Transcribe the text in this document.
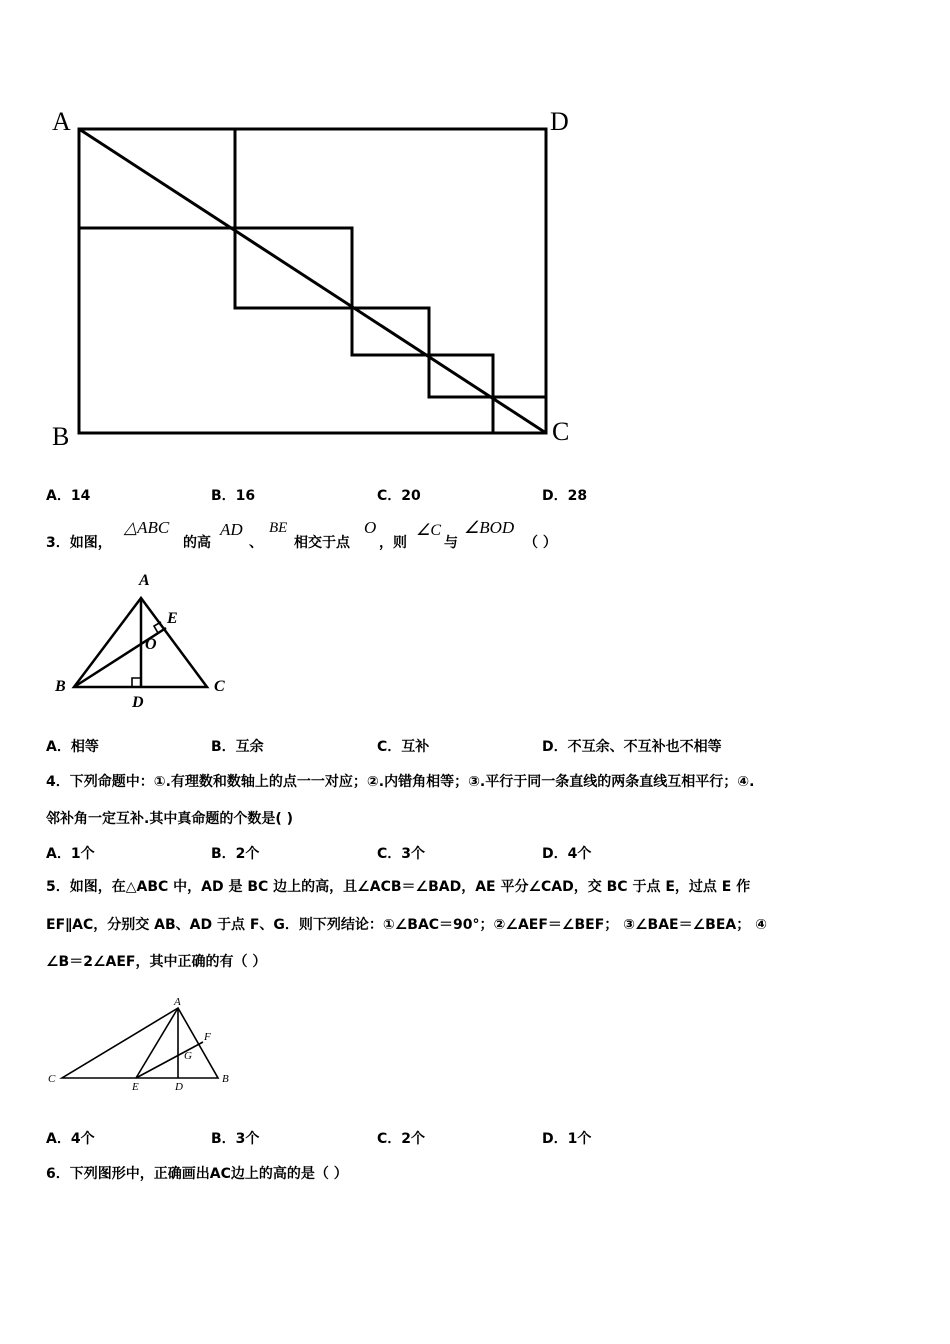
A	D
B	C
A．14	B．16	C．20	D．28
3．如图，
△ABC
的高
AD
、
BE
相交于点
O
，则
∠C
与
∠BOD
（ ）
A
E
O
B	C
D
A．相等	B．互余	C．互补	D．不互余、不互补也不相等
4．下列命题中：①.有理数和数轴上的点一一对应；②.内错角相等；③.平行于同一条直线的两条直线互相平行；④.
邻补角一定互补.其中真命题的个数是( )
A．1个	B．2个	C．3个	D．4个
5．如图，在△ABC 中，AD 是 BC 边上的高，且∠ACB＝∠BAD，AE 平分∠CAD，交 BC 于点 E，过点 E 作
EF∥AC，分别交 AB、AD 于点 F、G．则下列结论：①∠BAC＝90°；②∠AEF＝∠BEF； ③∠BAE＝∠BEA； ④
∠B＝2∠AEF，其中正确的有（ ）
A
F
G
C
E	D
B
A．4个	B．3个	C．2个	D．1个
6．下列图形中，正确画出AC边上的高的是（ ）
